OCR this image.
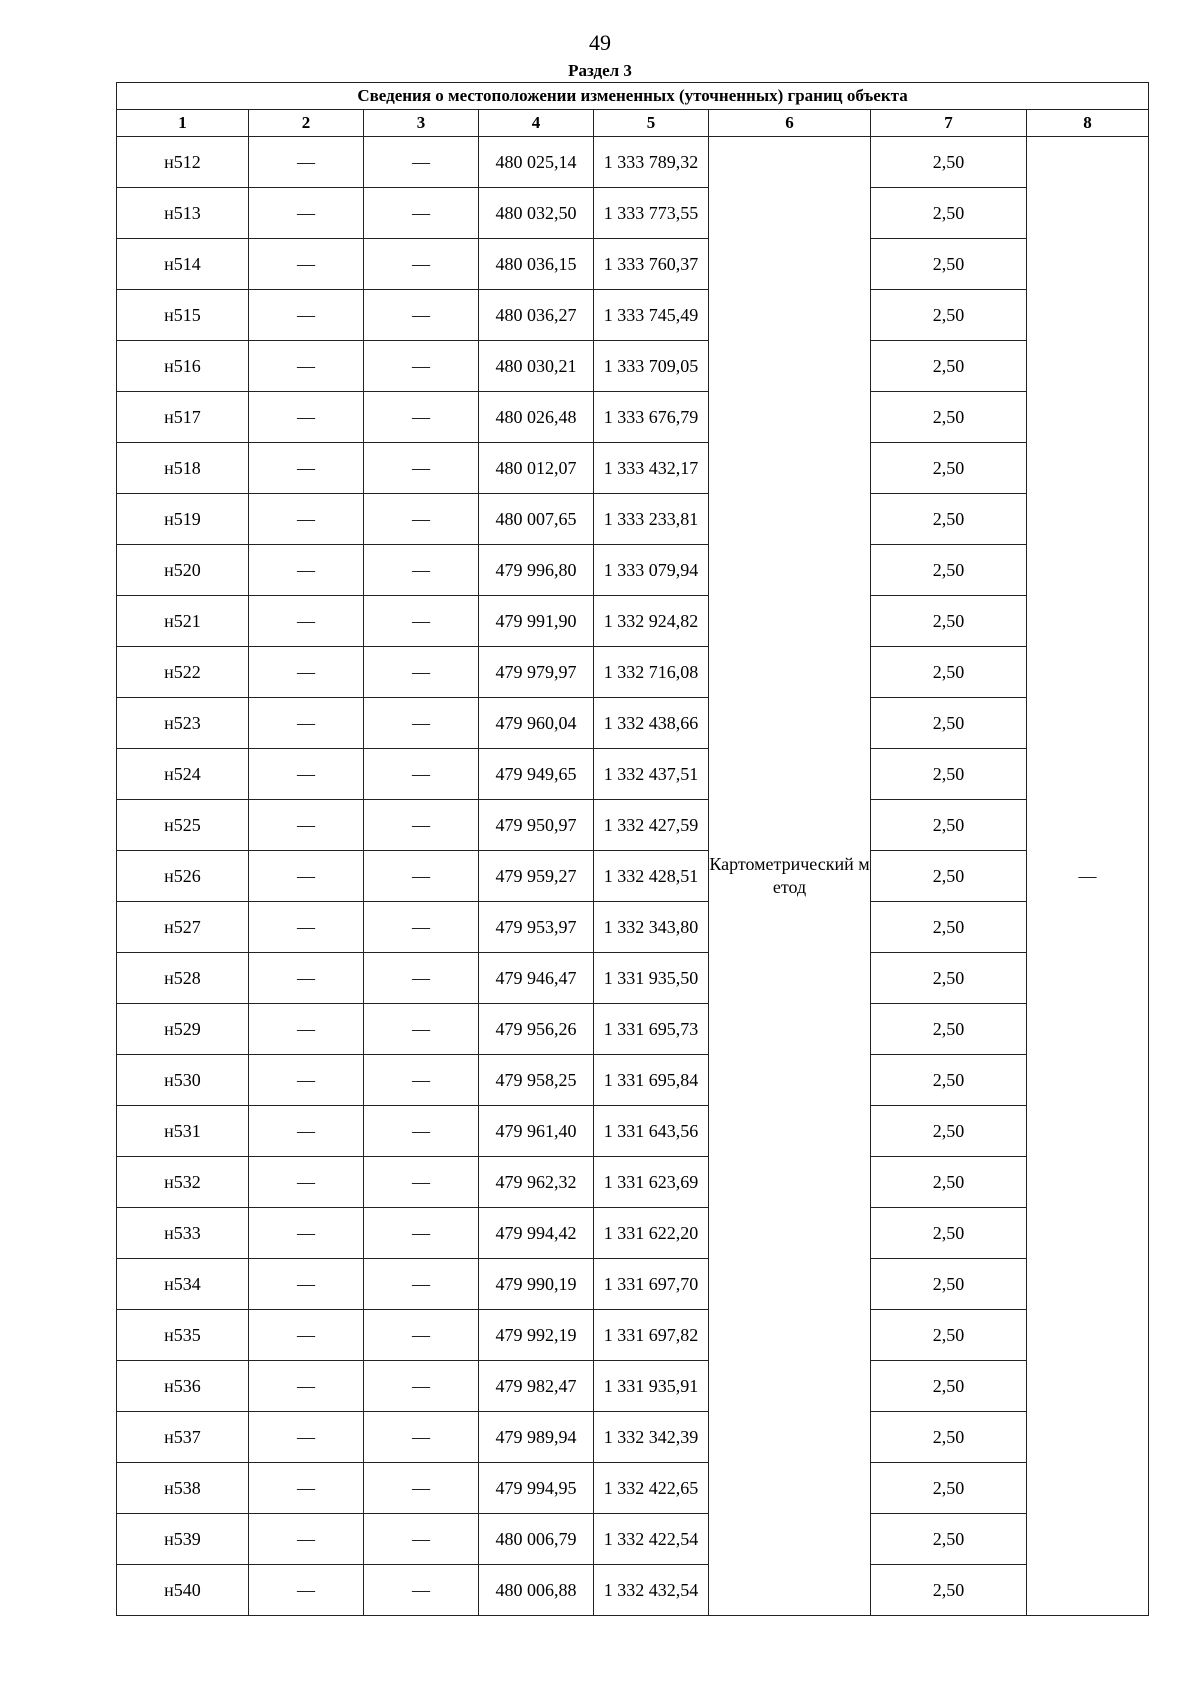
49
Раздел 3
Сведения о местоположении измененных (уточненных) границ объекта							
1	2	3	4	5	6	7	8
н512	—	—	480 025,14	1 333 789,32	Картометрический метод	2,50	—
н513	—	—	480 032,50	1 333 773,55		2,50	
н514	—	—	480 036,15	1 333 760,37		2,50	
н515	—	—	480 036,27	1 333 745,49		2,50	
н516	—	—	480 030,21	1 333 709,05		2,50	
н517	—	—	480 026,48	1 333 676,79		2,50	
н518	—	—	480 012,07	1 333 432,17		2,50	
н519	—	—	480 007,65	1 333 233,81		2,50	
н520	—	—	479 996,80	1 333 079,94		2,50	
н521	—	—	479 991,90	1 332 924,82		2,50	
н522	—	—	479 979,97	1 332 716,08		2,50	
н523	—	—	479 960,04	1 332 438,66		2,50	
н524	—	—	479 949,65	1 332 437,51		2,50	
н525	—	—	479 950,97	1 332 427,59		2,50	
н526	—	—	479 959,27	1 332 428,51		2,50	
н527	—	—	479 953,97	1 332 343,80		2,50	
н528	—	—	479 946,47	1 331 935,50		2,50	
н529	—	—	479 956,26	1 331 695,73		2,50	
н530	—	—	479 958,25	1 331 695,84		2,50	
н531	—	—	479 961,40	1 331 643,56		2,50	
н532	—	—	479 962,32	1 331 623,69		2,50	
н533	—	—	479 994,42	1 331 622,20		2,50	
н534	—	—	479 990,19	1 331 697,70		2,50	
н535	—	—	479 992,19	1 331 697,82		2,50	
н536	—	—	479 982,47	1 331 935,91		2,50	
н537	—	—	479 989,94	1 332 342,39		2,50	
н538	—	—	479 994,95	1 332 422,65		2,50	
н539	—	—	480 006,79	1 332 422,54		2,50	
н540	—	—	480 006,88	1 332 432,54		2,50	
